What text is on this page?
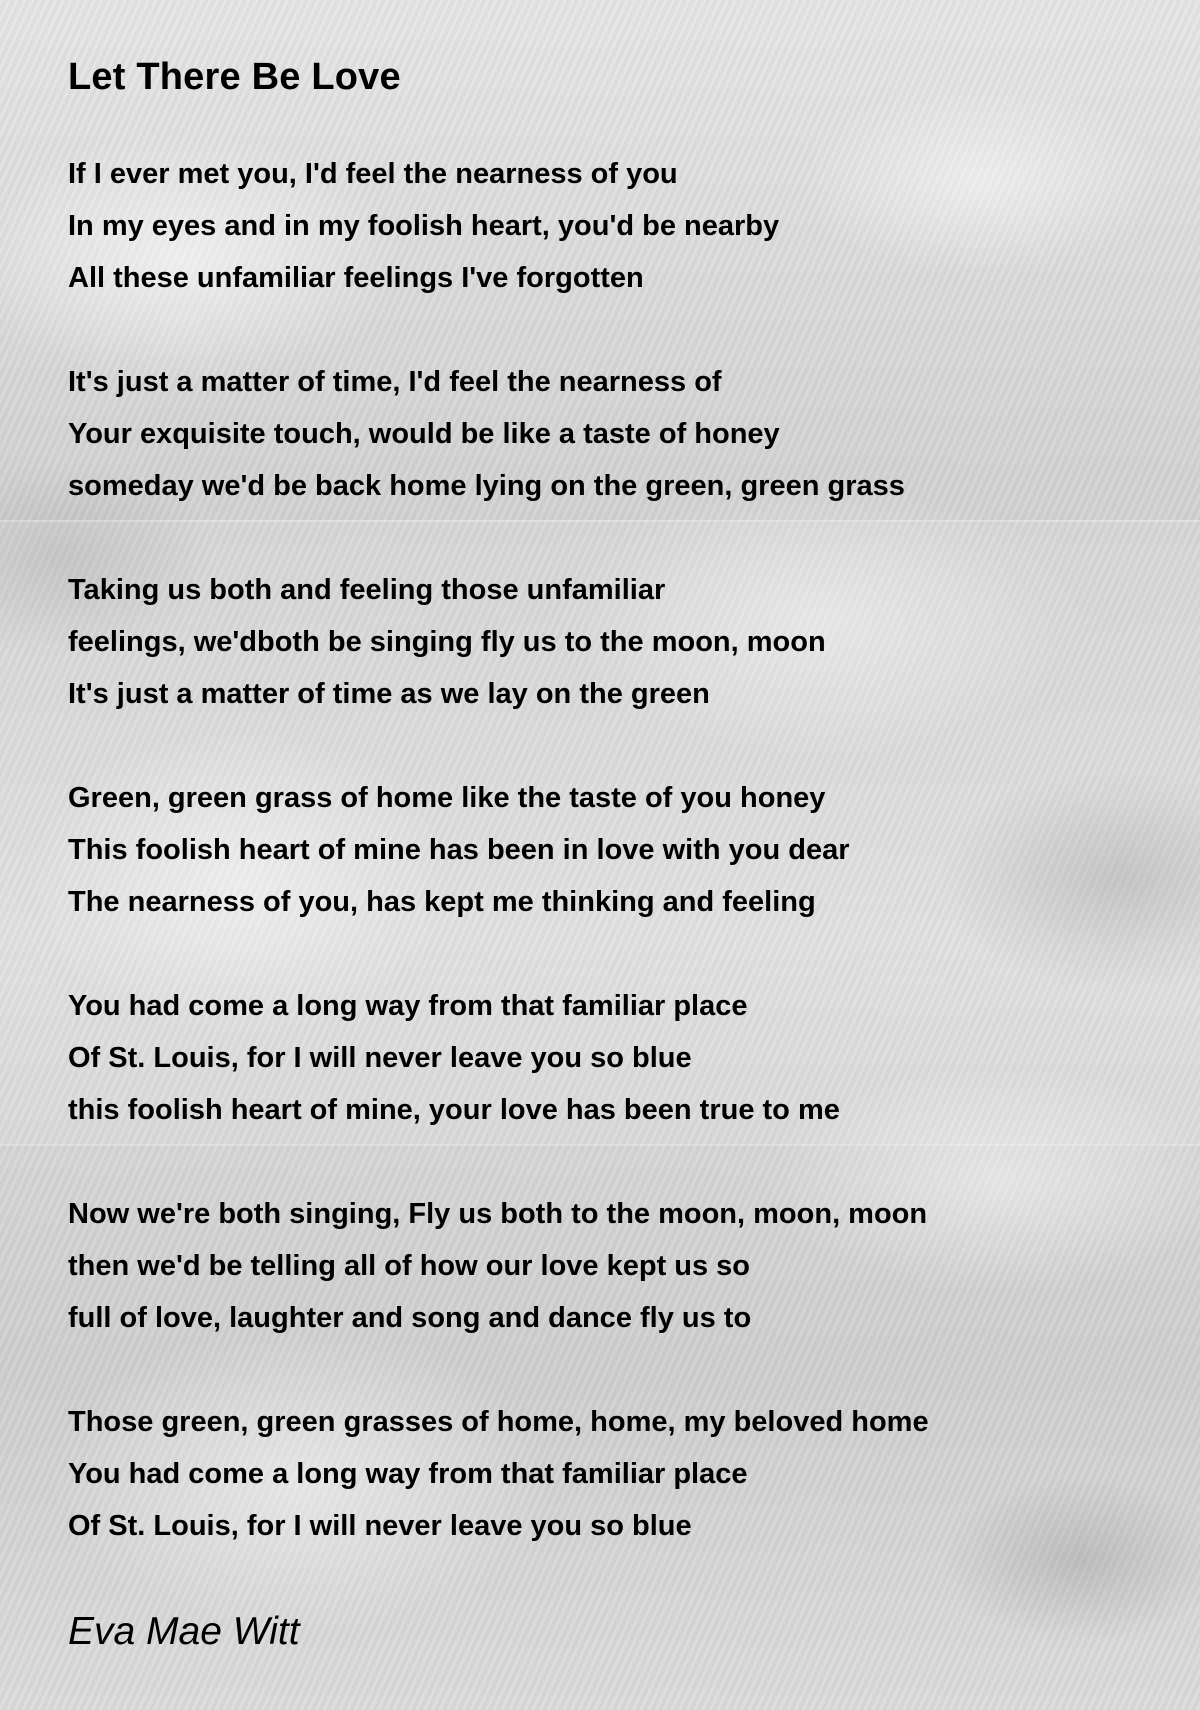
Let There Be Love
If I ever met you, I'd feel the nearness of you
In my eyes and in my foolish heart, you'd be nearby
All these unfamiliar feelings I've forgotten
It's just a matter of time, I'd feel the nearness of
Your exquisite touch, would be like a taste of honey
someday we'd be back home lying on the green, green grass
Taking us both and feeling those unfamiliar
feelings, we'dboth be singing fly us to the moon, moon
It's just a matter of time as we lay on the green
Green, green grass of home like the taste of you honey
This foolish heart of mine has been in love with you dear
The nearness of you, has kept me thinking and feeling
You had come a long way from that familiar place
Of St. Louis, for I will never leave you so blue
this foolish heart of mine, your love has been true to me
Now we're both singing, Fly us both to the moon, moon, moon
then we'd be telling all of how our love kept us so
full of love, laughter and song and dance fly us to
Those green, green grasses of home, home, my beloved home
You had come a long way from that familiar place
Of St. Louis, for I will never leave you so blue
Eva Mae Witt
